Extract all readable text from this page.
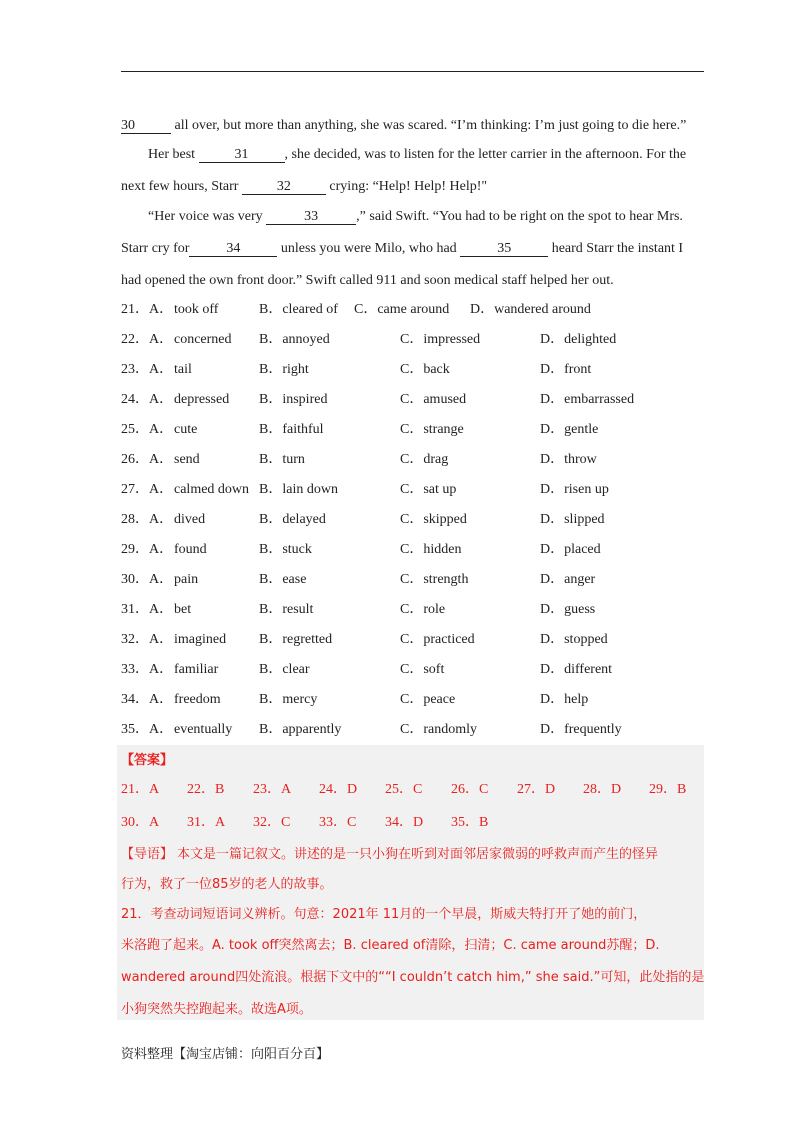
30	all over, but more than anything, she was scared. “I’m thinking: I’m just going to die here.”
Her best	31	, she decided, was to listen for the letter carrier in the afternoon. For the
next few hours, Starr	32	crying: “Help! Help! Help!"
“Her voice was very	33	,” said Swift. “You had to be right on the spot to hear Mrs.
Starr cry for	34	unless you were Milo, who had	35	heard Starr the instant I
had opened the own front door.” Swift called 911 and soon medical staff helped her out.
21．A． took off	B．cleared of C．came around D．wandered around
22．A． concerned B．annoyed	C．impressed	D．delighted
23．A． tail	B．right	C．back	D．front
24．A． depressed B．inspired	C．amused	D．embarrassed
25．A． cute	B．faithful	C．strange	D．gentle
26．A． send	B．turn	C．drag	D．throw
27．A． calmed down B．lain down	C．sat up	D．risen up
28．A． dived	B．delayed	C．skipped	D．slipped
29．A． found	B．stuck	C．hidden	D．placed
30．A． pain	B．ease	C．strength	D．anger
31．A． bet	B．result	C．role	D．guess
32．A． imagined B．regretted	C．practiced	D．stopped
33．A． familiar	B．clear	C．soft	D．different
34．A． freedom	B．mercy	C．peace	D．help
35．A． eventually B．apparently	C．randomly	D．frequently
【答案】
21．A 22．B 23．A 24．D 25．C 26．C 27．D 28．D 29．B
30．A 31．A 32．C 33．C 34．D 35．B
【导语】 本文是一篇记叙文。讲述的是一只小狗在听到对面邻居家微弱的呼救声而产生的怪异
行为，救了一位85岁的老人的故事。
21．考查动词短语词义辨析。句意：2021年 11月的一个早晨，斯威夫特打开了她的前门，
米洛跑了起来。A. took off突然离去；B. cleared of清除，扫清；C. came around苏醒；D.
wandered around四处流浪。根据下文中的““I couldn’t catch him,” she said.”可知，此处指的是
小狗突然失控跑起来。故选A项。
资料整理【淘宝店铺：向阳百分百】
